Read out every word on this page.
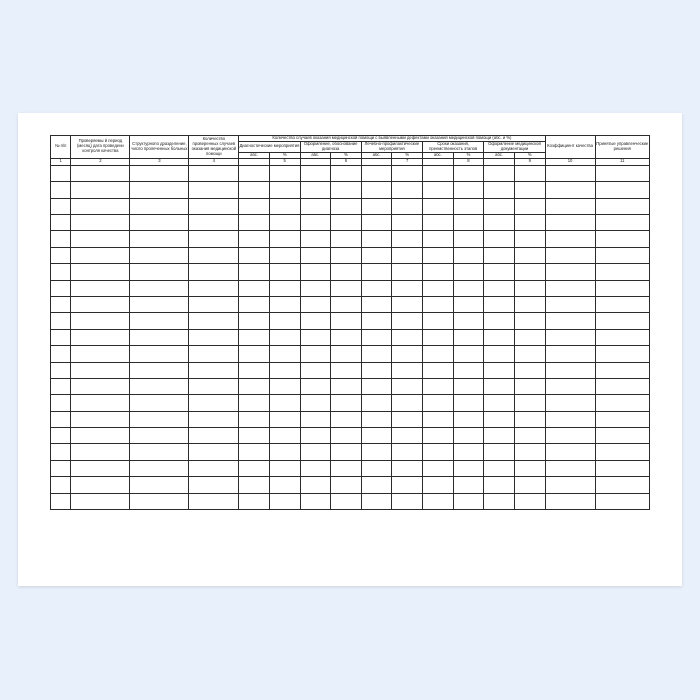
№ п/п	Проверяемы й период (месяц) дата проведени контроля качества	Структурнопо драздeление, число пролеченных больных	Количество проверенных случаев оказания медицинской помощи	Количество случаев оказания медицинской помощи с выявленными дефектами оказания медицинской помощи (абс. и %)										Коэффициент качества	Принятые управленческие решения
				Диагностические мероприятия		Оформление, обоснование диагноза		Лечебно-профилактические мероприятия		Сроки оказания, преемственность этапов		Оформление медицинской документации			

				абс.	%	абс.	%	абс.	%	абс.	%	абс.	%		
1	2	3	4		5		6		7		8		9	10	11
